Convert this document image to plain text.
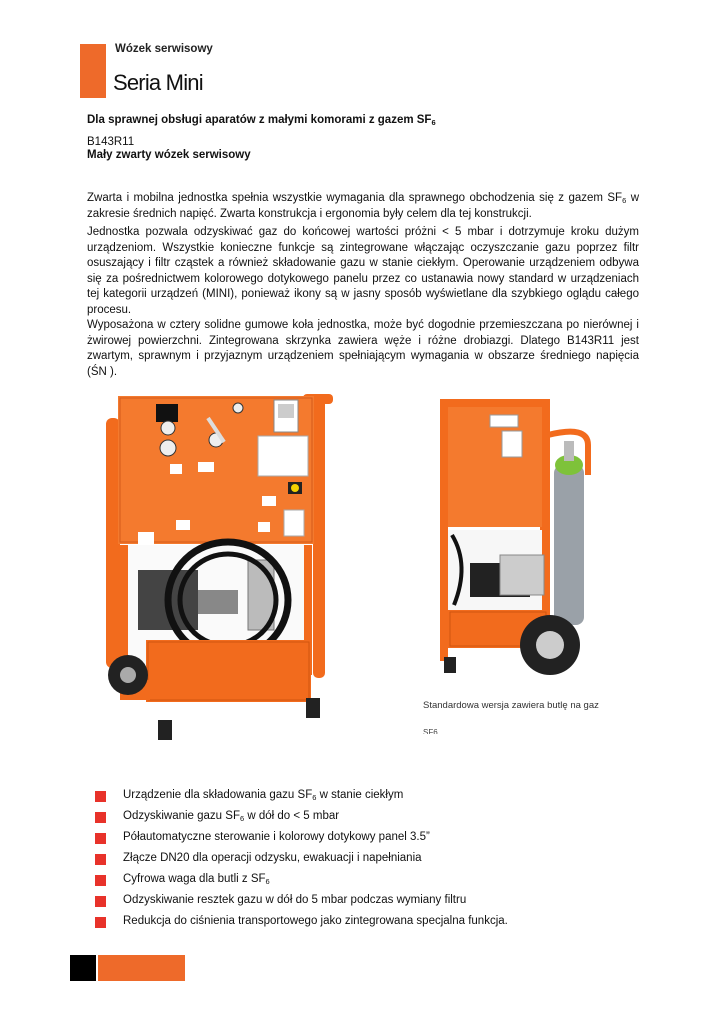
Wózek serwisowy
Seria Mini
Dla sprawnej obsługi aparatów z małymi komorami z gazem $SF_6$
B143R11
Mały zwarty wózek serwisowy

Zwarta i mobilna jednostka spełnia wszystkie wymagania dla sprawnego obchodzenia się z gazem $SF_6$ w zakresie średnich napięć. Zwarta konstrukcja i ergonomia były celem dla tej konstrukcji.

Jednostka pozwala odzyskiwać gaz do końcowej wartości próżni < 5 mbar i dotrzymuje kroku dużym urządzeniom. Wszystkie konieczne funkcje są zintegrowane włączając oczyszczanie gazu poprzez filtr osuszający i filtr cząstek a również składowanie gazu w stanie ciekłym. Operowanie urządzeniem odbywa się za pośrednictwem kolorowego dotykowego panelu przez co ustanawia nowy standard w urządzeniach tej kategorii urządzeń (MINI), ponieważ ikony są w jasny sposób wyświetlane dla szybkiego oglądu całego procesu.

Wyposażona w cztery solidne gumowe koła jednostka, może być dogodnie przemieszczana po nierównej i żwirowej powierzchni. Zintegrowana skrzynka zawiera węże i różne drobiazgi. Dlatego B143R11 jest zwartym, sprawnym i przyjaznym urządzeniem spełniającym wymagania w obszarze średniego napięcia (ŚN ).

Standardowa wersja zawiera butlę na gaz
SF6
Urządzenie dla składowania gazu $SF_6$ w stanie ciekłym
Odzyskiwanie gazu $SF_6$ w dół do < 5 mbar
Półautomatyczne sterowanie i kolorowy dotykowy panel 3.5”
Złącze DN20 dla operacji odzysku, ewakuacji i napełniania
Cyfrowa waga dla butli z $SF_6$
Odzyskiwanie resztek gazu w dół do 5 mbar podczas wymiany filtru
Redukcja do ciśnienia transportowego jako zintegrowana specjalna funkcja.
